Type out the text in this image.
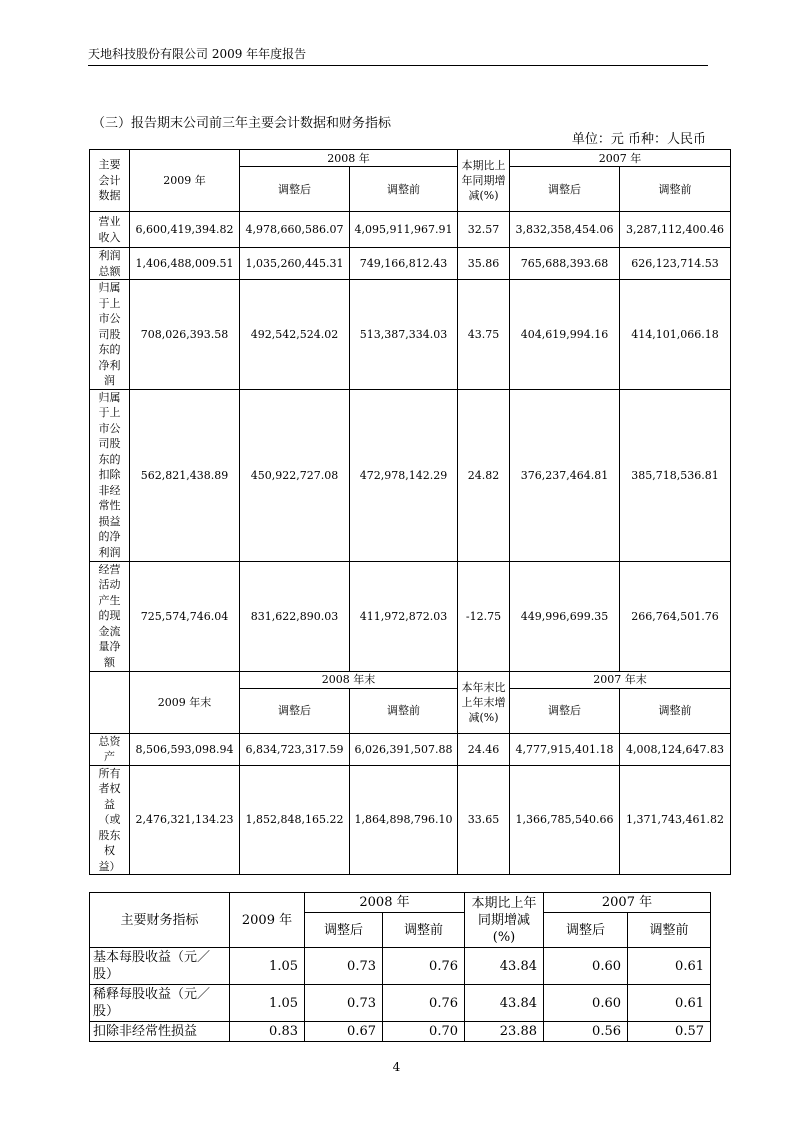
天地科技股份有限公司 2009 年年度报告
（三）报告期末公司前三年主要会计数据和财务指标
单位：元 币种：人民币
主要会计数据	2009 年	2008 年		本期比上年同期增减(%)	2007 年	
		调整后	调整前		调整后	调整前
营业收入	6,600,419,394.82	4,978,660,586.07	4,095,911,967.91	32.57	3,832,358,454.06	3,287,112,400.46
利润总额	1,406,488,009.51	1,035,260,445.31	749,166,812.43	35.86	765,688,393.68	626,123,714.53
归属于上市公司股东的净利润	708,026,393.58	492,542,524.02	513,387,334.03	43.75	404,619,994.16	414,101,066.18
归属于上市公司股东的扣除非经常性损益的净利润	562,821,438.89	450,922,727.08	472,978,142.29	24.82	376,237,464.81	385,718,536.81
经营活动产生的现金流量净额	725,574,746.04	831,622,890.03	411,972,872.03	-12.75	449,996,699.35	266,764,501.76
	2009 年末	2008 年末		本年末比上年末增减(%)	2007 年末	
		调整后	调整前		调整后	调整前
总资产	8,506,593,098.94	6,834,723,317.59	6,026,391,507.88	24.46	4,777,915,401.18	4,008,124,647.83
所有者权益（或股东权益）	2,476,321,134.23	1,852,848,165.22	1,864,898,796.10	33.65	1,366,785,540.66	1,371,743,461.82
主要财务指标	2009 年	2008 年		本期比上年同期增减(%)	2007 年	
		调整后	调整前		调整后	调整前
基本每股收益（元／股）	1.05	0.73	0.76	43.84	0.60	0.61
稀释每股收益（元／股）	1.05	0.73	0.76	43.84	0.60	0.61
扣除非经常性损益	0.83	0.67	0.70	23.88	0.56	0.57
4
